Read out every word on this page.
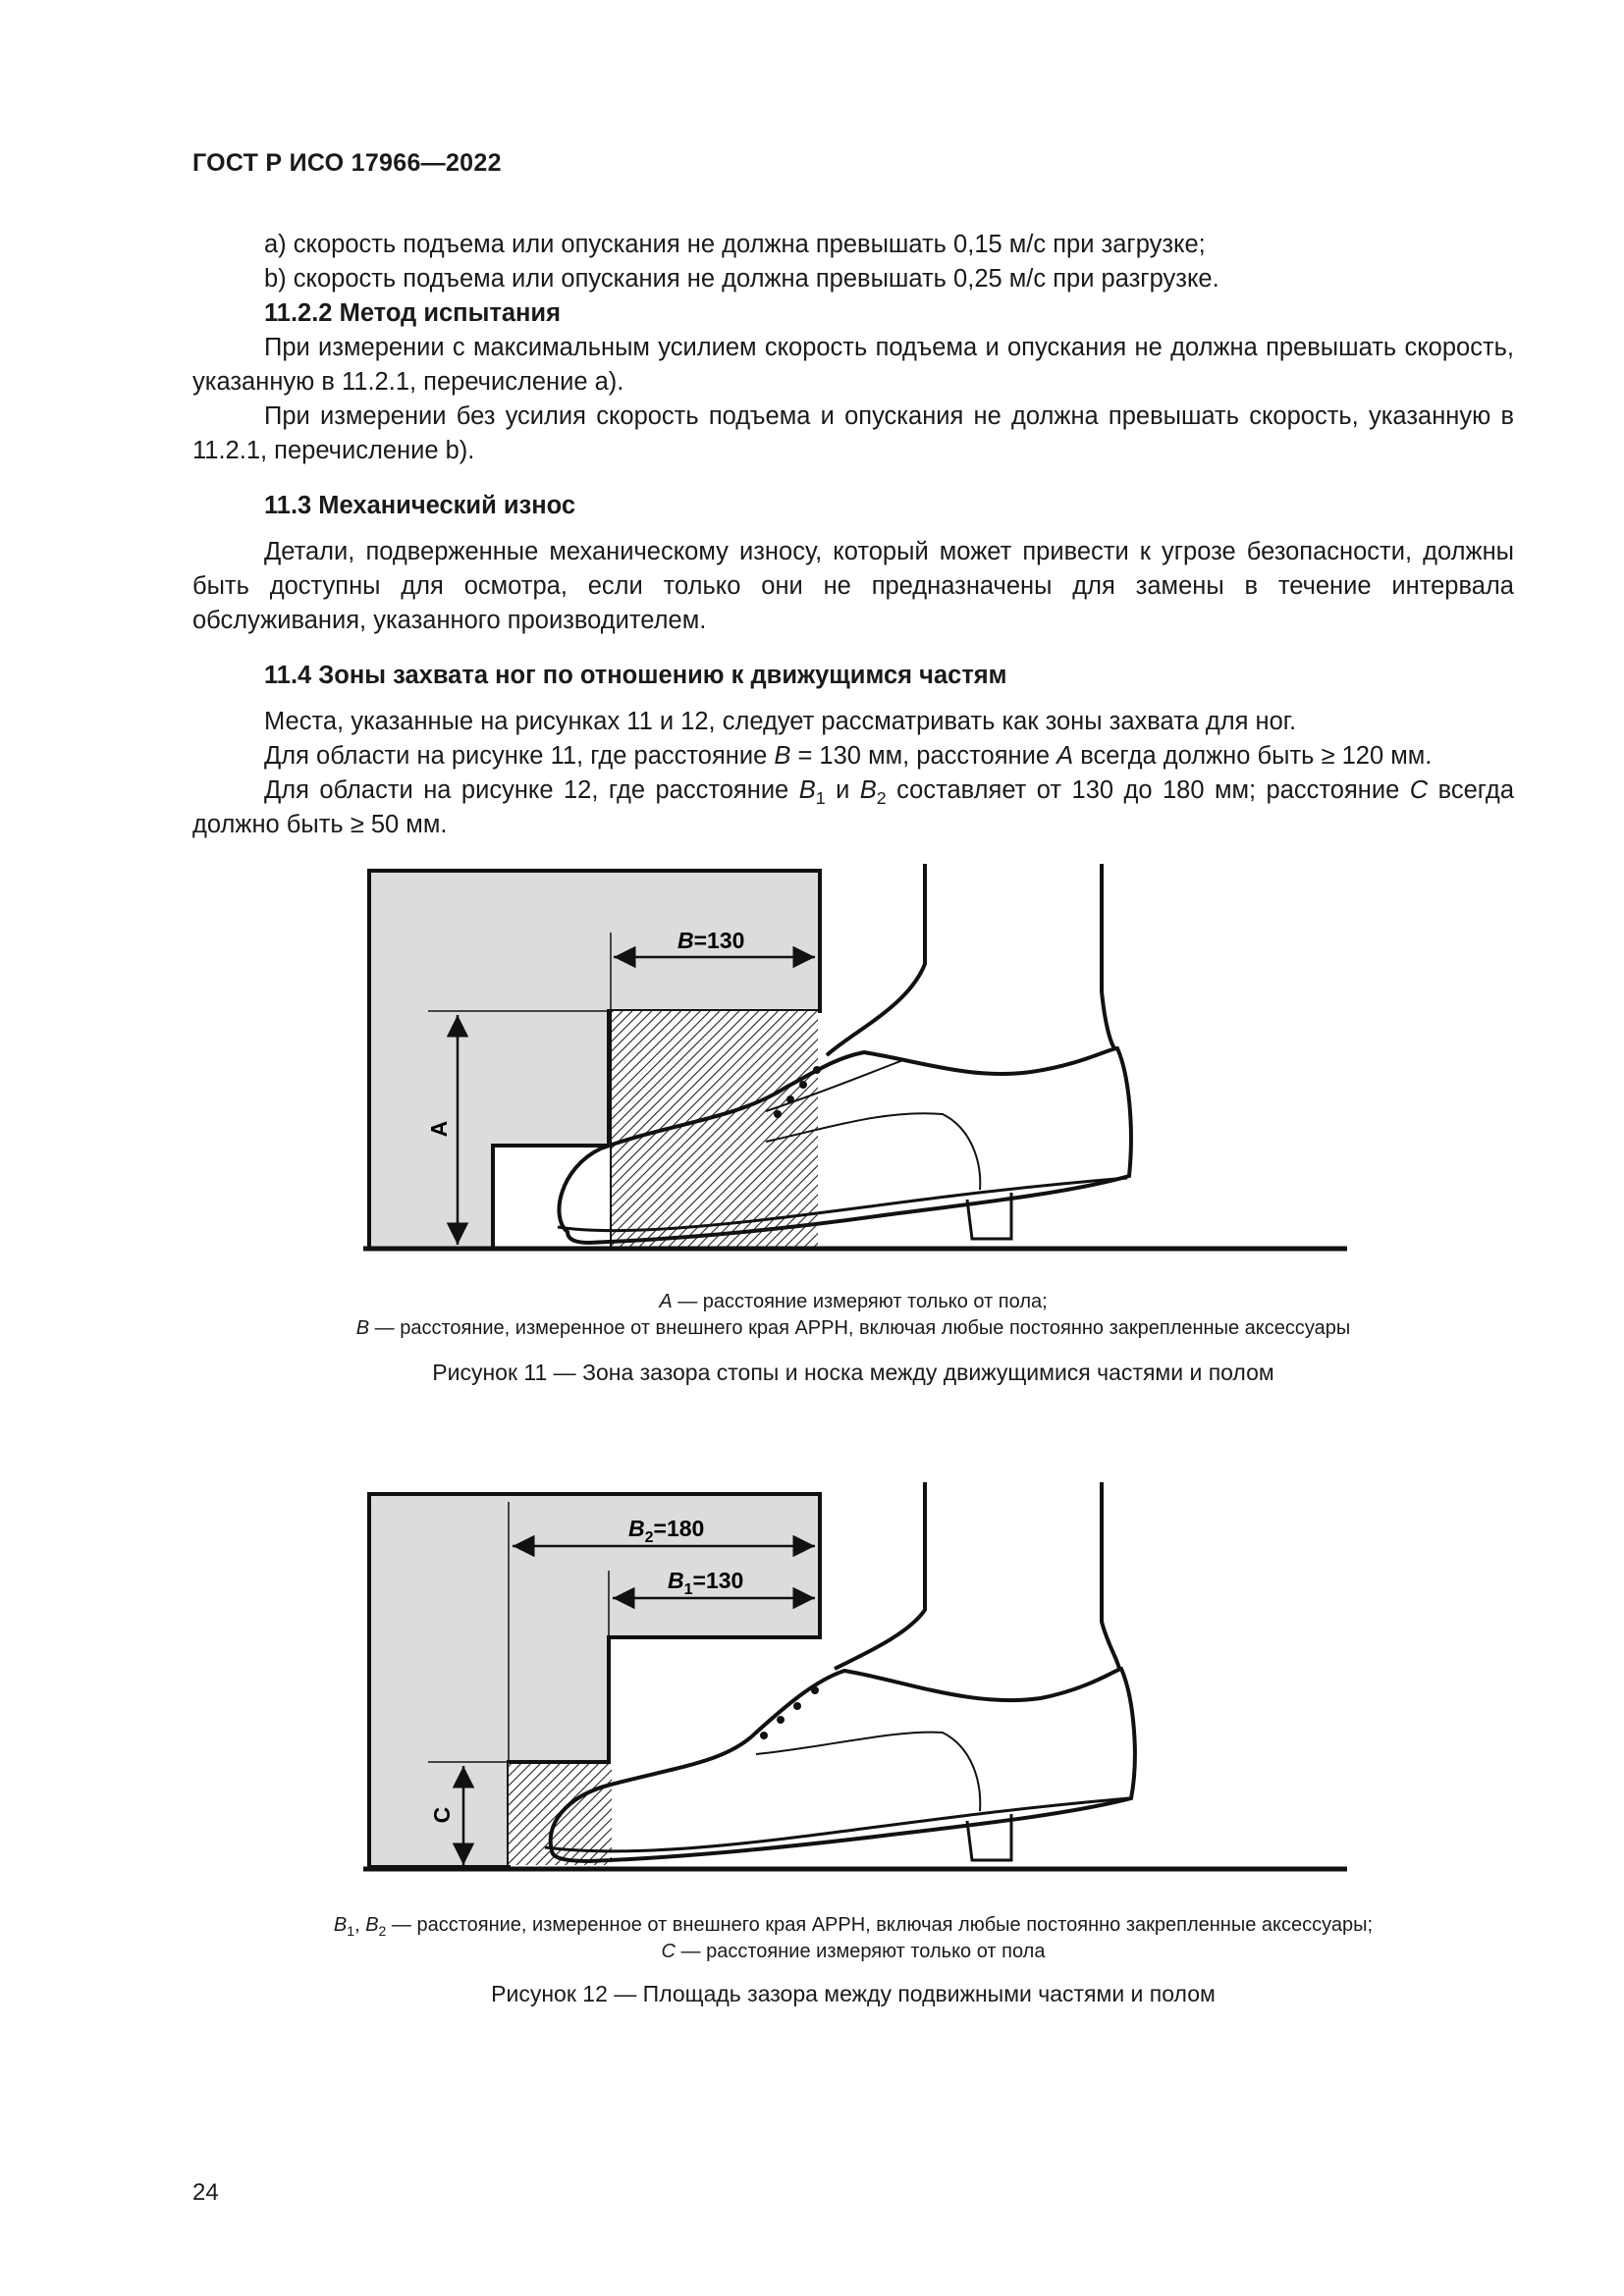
ГОСТ Р ИСО 17966—2022

a) скорость подъема или опускания не должна превышать 0,15 м/с при загрузке;

b) скорость подъема или опускания не должна превышать 0,25 м/с при разгрузке.

11.2.2 Метод испытания

При измерении с максимальным усилием скорость подъема и опускания не должна превышать скорость, указанную в 11.2.1, перечисление a).

При измерении без усилия скорость подъема и опускания не должна превышать скорость, указанную в 11.2.1, перечисление b).

11.3 Механический износ

Детали, подверженные механическому износу, который может привести к угрозе безопасности, должны быть доступны для осмотра, если только они не предназначены для замены в течение интервала обслуживания, указанного производителем.

11.4 Зоны захвата ног по отношению к движущимся частям

Места, указанные на рисунках 11 и 12, следует рассматривать как зоны захвата для ног.

Для области на рисунке 11, где расстояние B = 130 мм, расстояние A всегда должно быть ≥ 120 мм.

Для области на рисунке 12, где расстояние $B_1$ и $B_2$ составляет от 130 до 180 мм; расстояние C всегда должно быть ≥ 50 мм.

B=130
A
A — расстояние измеряют только от пола;
B — расстояние, измеренное от внешнего края APPH, включая любые постоянно закрепленные аксессуары
Рисунок 11 — Зона зазора стопы и носка между движущимися частями и полом
$B_2=180$
$B_1=130$
C
$B_1$, $B_2$ — расстояние, измеренное от внешнего края APPH, включая любые постоянно закрепленные аксессуары;
C — расстояние измеряют только от пола
Рисунок 12 — Площадь зазора между подвижными частями и полом
24
